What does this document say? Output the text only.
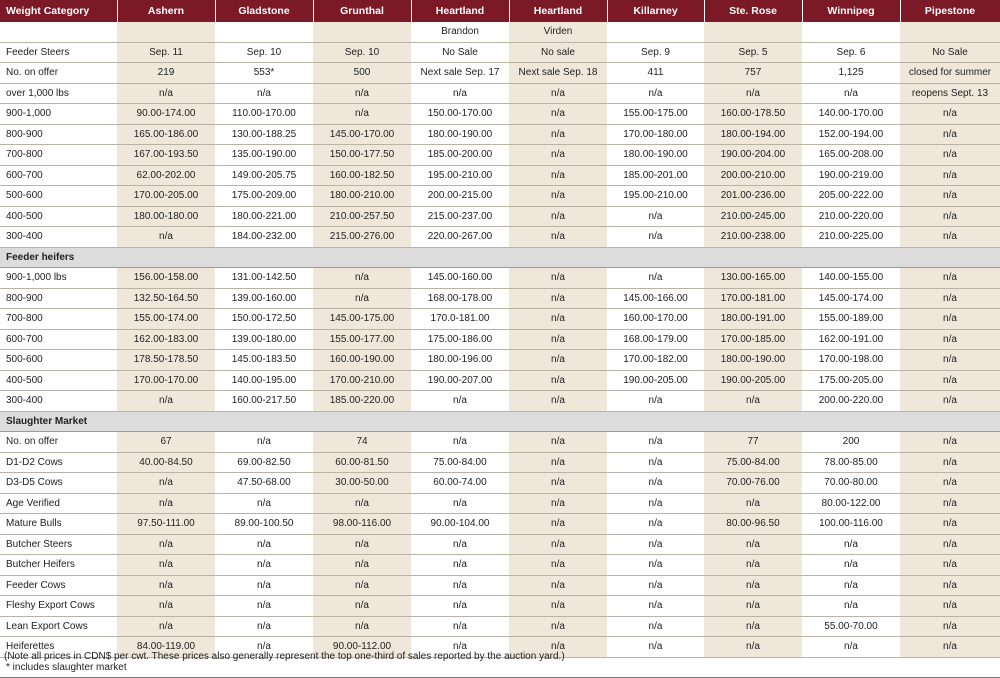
Weight Category	Ashern	Gladstone	Grunthal	Heartland	Heartland	Killarney	Ste. Rose	Winnipeg	Pipestone
				Brandon	Virden				
Feeder Steers	Sep. 11	Sep. 10	Sep. 10	No Sale	No sale	Sep. 9	Sep. 5	Sep. 6	No Sale
No. on offer	219	553*	500	Next sale Sep. 17	Next sale Sep. 18	411	757	1,125	closed for summer
over 1,000 lbs	n/a	n/a	n/a	n/a	n/a	n/a	n/a	n/a	reopens Sept. 13
900-1,000	90.00-174.00	110.00-170.00	n/a	150.00-170.00	n/a	155.00-175.00	160.00-178.50	140.00-170.00	n/a
800-900	165.00-186.00	130.00-188.25	145.00-170.00	180.00-190.00	n/a	170.00-180.00	180.00-194.00	152.00-194.00	n/a
700-800	167.00-193.50	135.00-190.00	150.00-177.50	185.00-200.00	n/a	180.00-190.00	190.00-204.00	165.00-208.00	n/a
600-700	62.00-202.00	149.00-205.75	160.00-182.50	195.00-210.00	n/a	185.00-201.00	200.00-210.00	190.00-219.00	n/a
500-600	170.00-205.00	175.00-209.00	180.00-210.00	200.00-215.00	n/a	195.00-210.00	201.00-236.00	205.00-222.00	n/a
400-500	180.00-180.00	180.00-221.00	210.00-257.50	215.00-237.00	n/a	n/a	210.00-245.00	210.00-220.00	n/a
300-400	n/a	184.00-232.00	215.00-276.00	220.00-267.00	n/a	n/a	210.00-238.00	210.00-225.00	n/a
Feeder heifers									
900-1,000 lbs	156.00-158.00	131.00-142.50	n/a	145.00-160.00	n/a	n/a	130.00-165.00	140.00-155.00	n/a
800-900	132.50-164.50	139.00-160.00	n/a	168.00-178.00	n/a	145.00-166.00	170.00-181.00	145.00-174.00	n/a
700-800	155.00-174.00	150.00-172.50	145.00-175.00	170.0-181.00	n/a	160.00-170.00	180.00-191.00	155.00-189.00	n/a
600-700	162.00-183.00	139.00-180.00	155.00-177.00	175.00-186.00	n/a	168.00-179.00	170.00-185.00	162.00-191.00	n/a
500-600	178.50-178.50	145.00-183.50	160.00-190.00	180.00-196.00	n/a	170.00-182.00	180.00-190.00	170.00-198.00	n/a
400-500	170.00-170.00	140.00-195.00	170.00-210.00	190.00-207.00	n/a	190.00-205.00	190.00-205.00	175.00-205.00	n/a
300-400	n/a	160.00-217.50	185.00-220.00	n/a	n/a	n/a	n/a	200.00-220.00	n/a
Slaughter Market									
No. on offer	67	n/a	74	n/a	n/a	n/a	77	200	n/a
D1-D2 Cows	40.00-84.50	69.00-82.50	60.00-81.50	75.00-84.00	n/a	n/a	75.00-84.00	78.00-85.00	n/a
D3-D5 Cows	n/a	47.50-68.00	30.00-50.00	60.00-74.00	n/a	n/a	70.00-76.00	70.00-80.00	n/a
Age Verified	n/a	n/a	n/a	n/a	n/a	n/a	n/a	80.00-122.00	n/a
Mature Bulls	97.50-111.00	89.00-100.50	98.00-116.00	90.00-104.00	n/a	n/a	80.00-96.50	100.00-116.00	n/a
Butcher Steers	n/a	n/a	n/a	n/a	n/a	n/a	n/a	n/a	n/a
Butcher Heifers	n/a	n/a	n/a	n/a	n/a	n/a	n/a	n/a	n/a
Feeder Cows	n/a	n/a	n/a	n/a	n/a	n/a	n/a	n/a	n/a
Fleshy Export Cows	n/a	n/a	n/a	n/a	n/a	n/a	n/a	n/a	n/a
Lean Export Cows	n/a	n/a	n/a	n/a	n/a	n/a	n/a	55.00-70.00	n/a
Heiferettes	84.00-119.00	n/a	90.00-112.00	n/a	n/a	n/a	n/a	n/a	n/a
* includes slaughter market									
(Note all prices in CDN$ per cwt. These prices also generally represent the top one-third of sales reported by the auction yard.)
